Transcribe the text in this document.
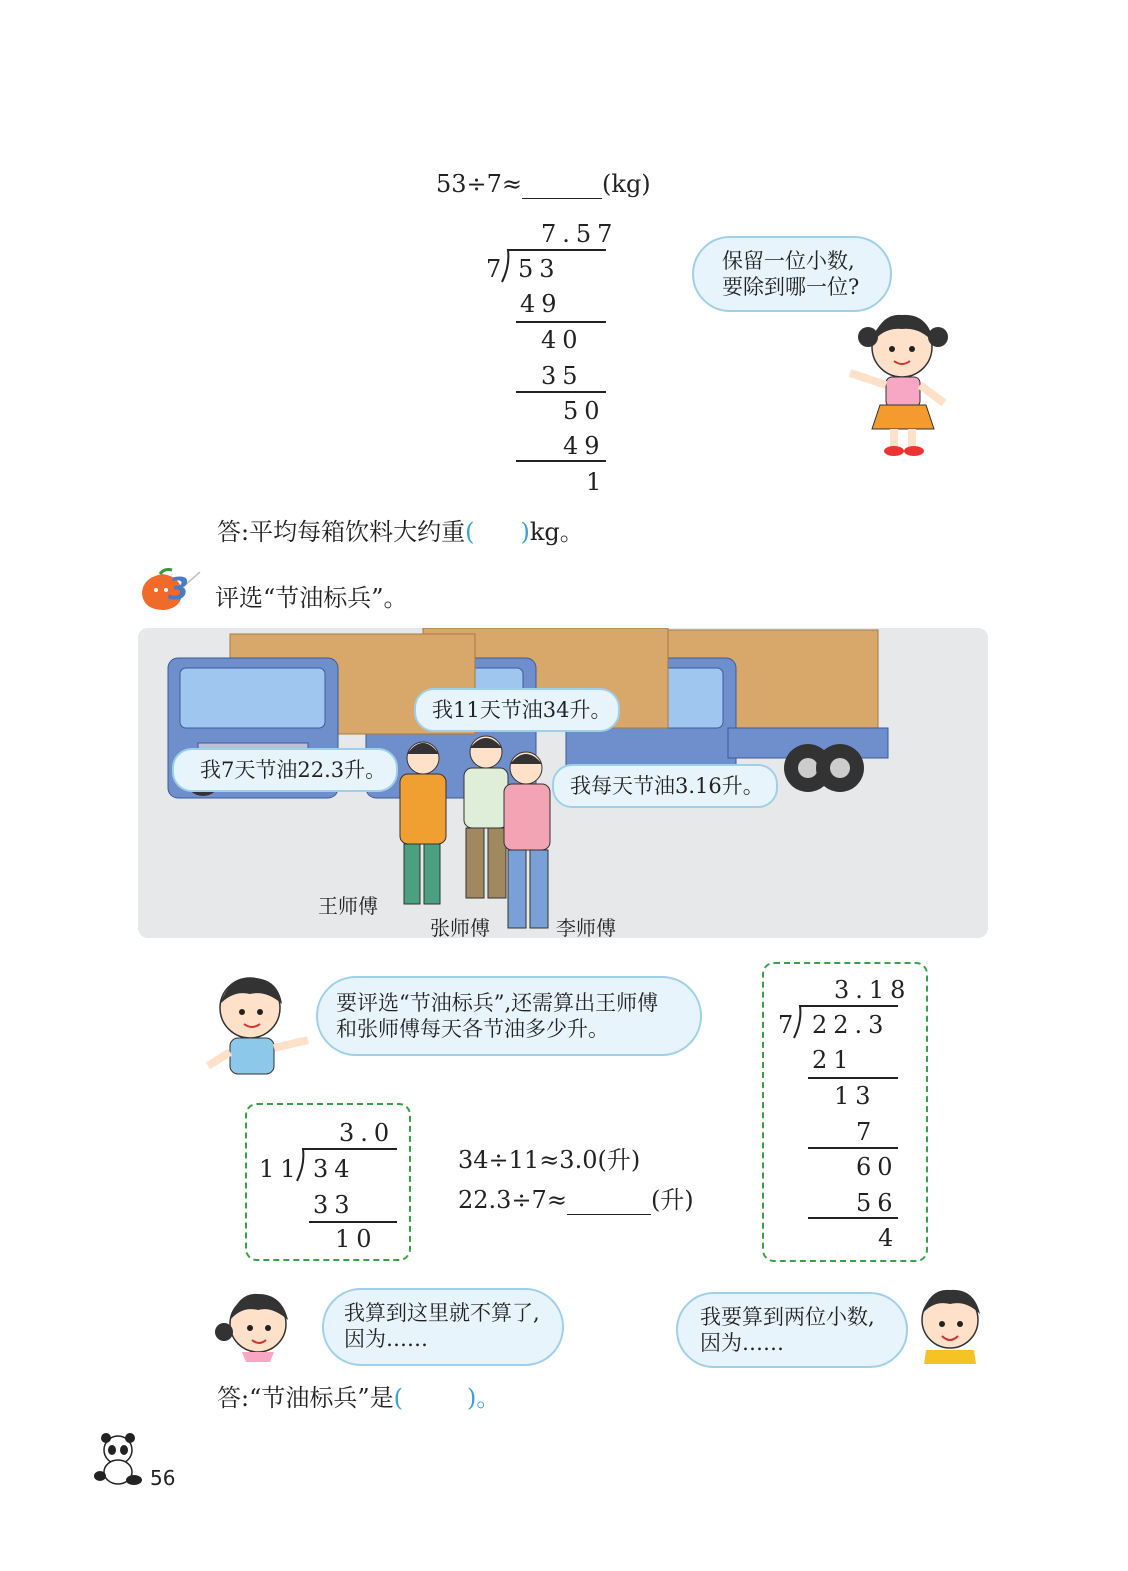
53÷7≈	(kg)
7.57
7 53
49
40
35
50
49
1
保留一位小数,
要除到哪一位?
答:平均每箱饮料大约重( )kg。
3 评选“节油标兵”。
我11天节油34升。
我7天节油22.3升。
我每天节油3.16升。
王师傅
张师傅	李师傅
要评选“节油标兵”,还需算出王师傅
和张师傅每天各节油多少升。
3.0
11 34
33
10
34÷11≈3.0(升)
22.3÷7≈	(升)
3.18
7 22.3
21
13
7
60
56
4
我算到这里就不算了,
因为……
我要算到两位小数,
因为……
答:“节油标兵”是(	)。
56
